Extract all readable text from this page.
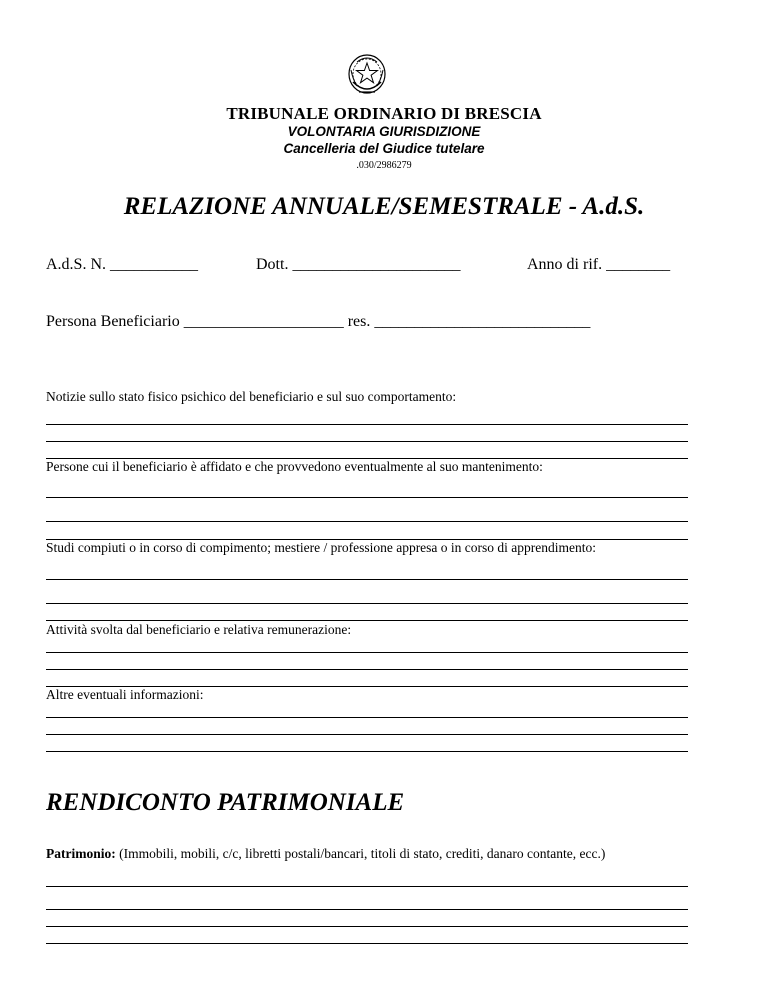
TRIBUNALE ORDINARIO DI BRESCIA
VOLONTARIA GIURISDIZIONE
Cancelleria del Giudice tutelare
.030/2986279
RELAZIONE ANNUALE/SEMESTRALE - A.d.S.
A.d.S. N. ___________	Dott. _____________________	Anno di rif. ________
Persona Beneficiario ____________________ res. ___________________________
Notizie sullo stato fisico psichico del beneficiario e sul suo comportamento:
Persone cui il beneficiario è affidato e che provvedono eventualmente al suo mantenimento:
Studi compiuti o in corso di compimento; mestiere / professione appresa o in corso di apprendimento:
Attività svolta dal beneficiario e relativa remunerazione:
Altre eventuali informazioni:
RENDICONTO PATRIMONIALE
Patrimonio: (Immobili, mobili, c/c, libretti postali/bancari, titoli di stato, crediti, danaro contante, ecc.)
